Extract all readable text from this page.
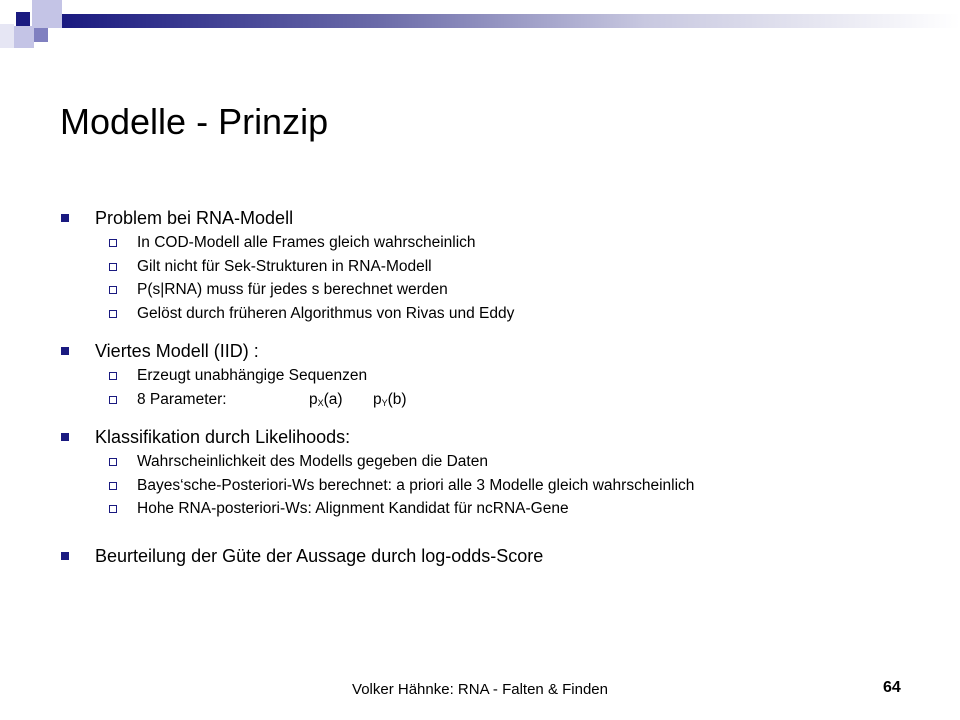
Modelle - Prinzip
Problem bei RNA-Modell
In COD-Modell alle Frames gleich wahrscheinlich
Gilt nicht für Sek-Strukturen in RNA-Modell
P(s|RNA) muss für jedes s berechnet werden
Gelöst durch früheren Algorithmus von Rivas und Eddy
Viertes Modell (IID) :
Erzeugt unabhängige Sequenzen
8 Parameter:	$p_X(a)$ $p_Y(b)$
Klassifikation durch Likelihoods:
Wahrscheinlichkeit des Modells gegeben die Daten
Bayes‘sche-Posteriori-Ws berechnet: a priori alle 3 Modelle gleich wahrscheinlich
Hohe RNA-posteriori-Ws: Alignment Kandidat für ncRNA-Gene
Beurteilung der Güte der Aussage durch log-odds-Score
Volker Hähnke: RNA - Falten & Finden	64
